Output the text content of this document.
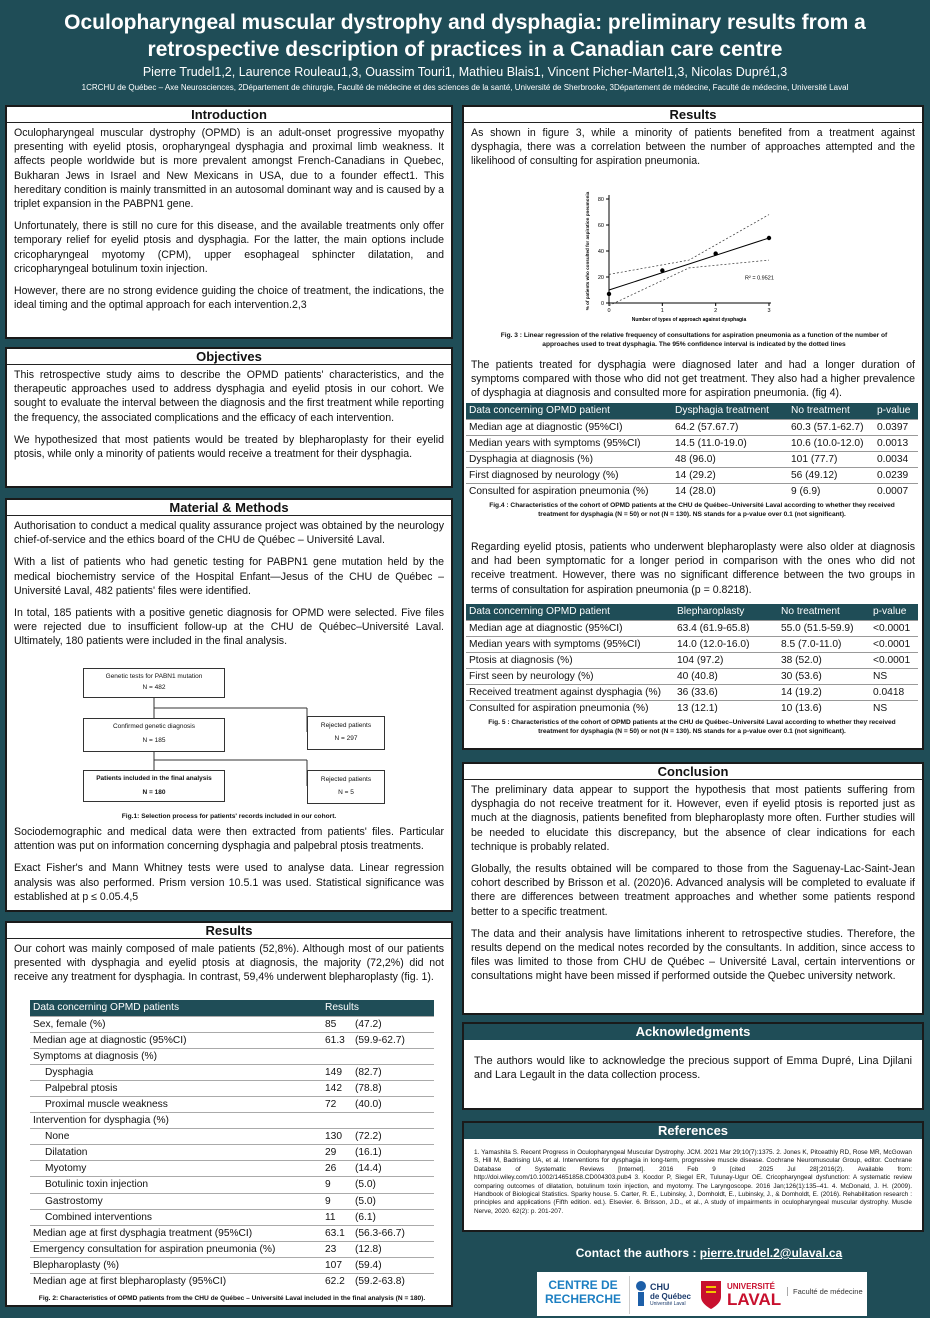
Oculopharyngeal muscular dystrophy and dysphagia: preliminary results from a
retrospective description of practices in a Canadian care centre
Pierre Trudel1,2, Laurence Rouleau1,3, Ouassim Touri1, Mathieu Blais1, Vincent Picher-Martel1,3, Nicolas Dupré1,3
1CRCHU de Québec – Axe Neurosciences, 2Département de chirurgie, Faculté de médecine et des sciences de la santé, Université de Sherbrooke, 3Département de médecine, Faculté de médecine, Université Laval
Introduction

Oculopharyngeal muscular dystrophy (OPMD) is an adult-onset progressive myopathy presenting with eyelid ptosis, oropharyngeal dysphagia and proximal limb weakness. It affects people worldwide but is more prevalent amongst French-Canadians in Quebec, Bukharan Jews in Israel and New Mexicans in USA, due to a founder effect1. This hereditary condition is mainly transmitted in an autosomal dominant way and is caused by a triplet expansion in the PABPN1 gene.

Unfortunately, there is still no cure for this disease, and the available treatments only offer temporary relief for eyelid ptosis and dysphagia. For the latter, the main options include cricopharyngeal myotomy (CPM), upper esophageal sphincter dilatation, and cricopharyngeal botulinum toxin injection.

However, there are no strong evidence guiding the choice of treatment, the indications, the ideal timing and the optimal approach for each intervention.2,3

Objectives

This retrospective study aims to describe the OPMD patients' characteristics, and the therapeutic approaches used to address dysphagia and eyelid ptosis in our cohort. We sought to evaluate the interval between the diagnosis and the first treatment while reporting the frequency, the associated complications and the efficacy of each intervention.

We hypothesized that most patients would be treated by blepharoplasty for their eyelid ptosis, while only a minority of patients would receive a treatment for their dysphagia.

Material & Methods

Authorisation to conduct a medical quality assurance project was obtained by the neurology chief-of-service and the ethics board of the CHU de Québec – Université Laval.

With a list of patients who had genetic testing for PABPN1 gene mutation held by the medical biochemistry service of the Hospital Enfant—Jesus of the CHU de Québec – Université Laval, 482 patients' files were identified.

In total, 185 patients with a positive genetic diagnosis for OPMD were selected. Five files were rejected due to insufficient follow-up at the CHU de Québec–Université Laval. Ultimately, 180 patients were included in the final analysis.

Genetic tests for PABN1 mutation
N = 482
Confirmed genetic diagnosis
N = 185
Rejected patients
N = 297
Patients included in the final analysis
N = 180
Rejected patients
N = 5
Fig.1: Selection process for patients' records included in our cohort.

Sociodemographic and medical data were then extracted from patients' files. Particular attention was put on information concerning dysphagia and palpebral ptosis treatments.

Exact Fisher's and Mann Whitney tests were used to analyse data. Linear regression analysis was also performed. Prism version 10.5.1 was used. Statistical significance was established at p ≤ 0.05.4,5

Results

Our cohort was mainly composed of male patients (52,8%). Although most of our patients presented with dysphagia and eyelid ptosis at diagnosis, the majority (72,2%) did not receive any treatment for dysphagia. In contrast, 59,4% underwent blepharoplasty (fig. 1).

Data concerning OPMD patients	Results	
Sex, female (%)	85	(47.2)
Median age at diagnostic (95%CI)	61.3	(59.9-62.7)
Symptoms at diagnosis (%)		
Dysphagia	149	(82.7)
Palpebral ptosis	142	(78.8)
Proximal muscle weakness	72	(40.0)
Intervention for dysphagia (%)		
None	130	(72.2)
Dilatation	29	(16.1)
Myotomy	26	(14.4)
Botulinic toxin injection	9	(5.0)
Gastrostomy	9	(5.0)
Combined interventions	11	(6.1)
Median age at first dysphagia treatment (95%CI)	63.1	(56.3-66.7)
Emergency consultation for aspiration pneumonia (%)	23	(12.8)
Blepharoplasty (%)	107	(59.4)
Median age at first blepharoplasty (95%CI)	62.2	(59.2-63.8)
Fig. 2: Characteristics of OPMD patients from the CHU de Québec – Université Laval included in the final analysis (N = 180).
Results

As shown in figure 3, while a minority of patients benefited from a treatment against dysphagia, there was a correlation between the number of approaches attempted and the likelihood of consulting for aspiration pneumonia.

0
20
40
60
80
0	1	2	3
Number of types of approach against dysphagia
% of patients who consulted for aspiration pneumonia	R² = 0.9521
Fig. 3 : Linear regression of the relative frequency of consultations for aspiration pneumonia as a function of the number of approaches used to treat dysphagia. The 95% confidence interval is indicated by the dotted lines

The patients treated for dysphagia were diagnosed later and had a longer duration of symptoms compared with those who did not get treatment. They also had a higher prevalence of dysphagia at diagnosis and consulted more for aspiration pneumonia. (fig 4).

Data concerning OPMD patient	Dysphagia treatment	No treatment	p-value
Median age at diagnostic (95%CI)	64.2 (57.67.7)	60.3 (57.1-62.7)	0.0397
Median years with symptoms (95%CI)	14.5 (11.0-19.0)	10.6 (10.0-12.0)	0.0013
Dysphagia at diagnosis (%)	48 (96.0)	101 (77.7)	0.0034
First diagnosed by neurology (%)	14 (29.2)	56 (49.12)	0.0239
Consulted for aspiration pneumonia (%)	14 (28.0)	9 (6.9)	0.0007
Fig.4 : Characteristics of the cohort of OPMD patients at the CHU de Québec–Université Laval according to whether they received treatment for dysphagia (N = 50) or not (N = 130). NS stands for a p-value over 0.1 (not significant).

Regarding eyelid ptosis, patients who underwent blepharoplasty were also older at diagnosis and had been symptomatic for a longer period in comparison with the ones who did not receive treatment. However, there was no significant difference between the two groups in terms of consultation for aspiration pneumonia (p = 0.8218).

Data concerning OPMD patient	Blepharoplasty	No treatment	p-value
Median age at diagnostic (95%CI)	63.4 (61.9-65.8)	55.0 (51.5-59.9)	<0.0001
Median years with symptoms (95%CI)	14.0 (12.0-16.0)	8.5 (7.0-11.0)	<0.0001
Ptosis at diagnosis (%)	104 (97.2)	38 (52.0)	<0.0001
First seen by neurology (%)	40 (40.8)	30 (53.6)	NS
Received treatment against dysphagia (%)	36 (33.6)	14 (19.2)	0.0418
Consulted for aspiration pneumonia (%)	13 (12.1)	10 (13.6)	NS
Fig. 5 : Characteristics of the cohort of OPMD patients at the CHU de Québec–Université Laval according to whether they received treatment for dysphagia (N = 50) or not (N = 130). NS stands for a p-value over 0.1 (not significant).
Conclusion

The preliminary data appear to support the hypothesis that most patients suffering from dysphagia do not receive treatment for it. However, even if eyelid ptosis is reported just as much at the diagnosis, patients benefited from blepharoplasty more often. Further studies will be needed to elucidate this discrepancy, but the absence of clear indications for each technique is probably related.

Globally, the results obtained will be compared to those from the Saguenay-Lac-Saint-Jean cohort described by Brisson et al. (2020)6. Advanced analysis will be completed to evaluate if there are differences between treatment approaches and whether some patients respond better to a specific treatment.

The data and their analysis have limitations inherent to retrospective studies. Therefore, the results depend on the medical notes recorded by the consultants. In addition, since access to files was limited to those from CHU de Québec – Université Laval, certain interventions or consultations might have been missed if performed outside the Quebec university network.

Acknowledgments
The authors would like to acknowledge the precious support of Emma Dupré, Lina Djilani and Lara Legault in the data collection process.
References
1. Yamashita S. Recent Progress in Oculopharyngeal Muscular Dystrophy. JCM. 2021 Mar 29;10(7):1375. 2. Jones K, Pitceathly RD, Rose MR, McGowan S, Hill M, Badrising UA, et al. Interventions for dysphagia in long-term, progressive muscle disease. Cochrane Neuromuscular Group, editor. Cochrane Database of Systematic Reviews [Internet]. 2016 Feb 9 [cited 2025 Jul 28];2016(2). Available from: http://doi.wiley.com/10.1002/14651858.CD004303.pub4 3. Kocdor P, Siegel ER, Tulunay-Ugur OE. Cricopharyngeal dysfunction: A systematic review comparing outcomes of dilatation, botulinum toxin injection, and myotomy. The Laryngoscope. 2016 Jan;126(1):135–41. 4. McDonald, J. H. (2009). Handbook of Biological Statistics. Sparky house. 5. Carter, R. E., Lubinsky, J., Domholdt, E., Lubinsky, J., & Domholdt, E. (2016). Rehabilitation research : principles and applications (Fifth edition. ed.). Elsevier. 6. Brisson, J.D., et al., A study of impairments in oculopharyngeal muscular dystrophy. Muscle Nerve, 2020. 62(2): p. 201-207.
Contact the authors : pierre.trudel.2@ulaval.ca
CENTRE DE
RECHERCHE
CHU
de Québec
Université Laval
UNIVERSITÉ
LAVAL	Faculté de médecine
